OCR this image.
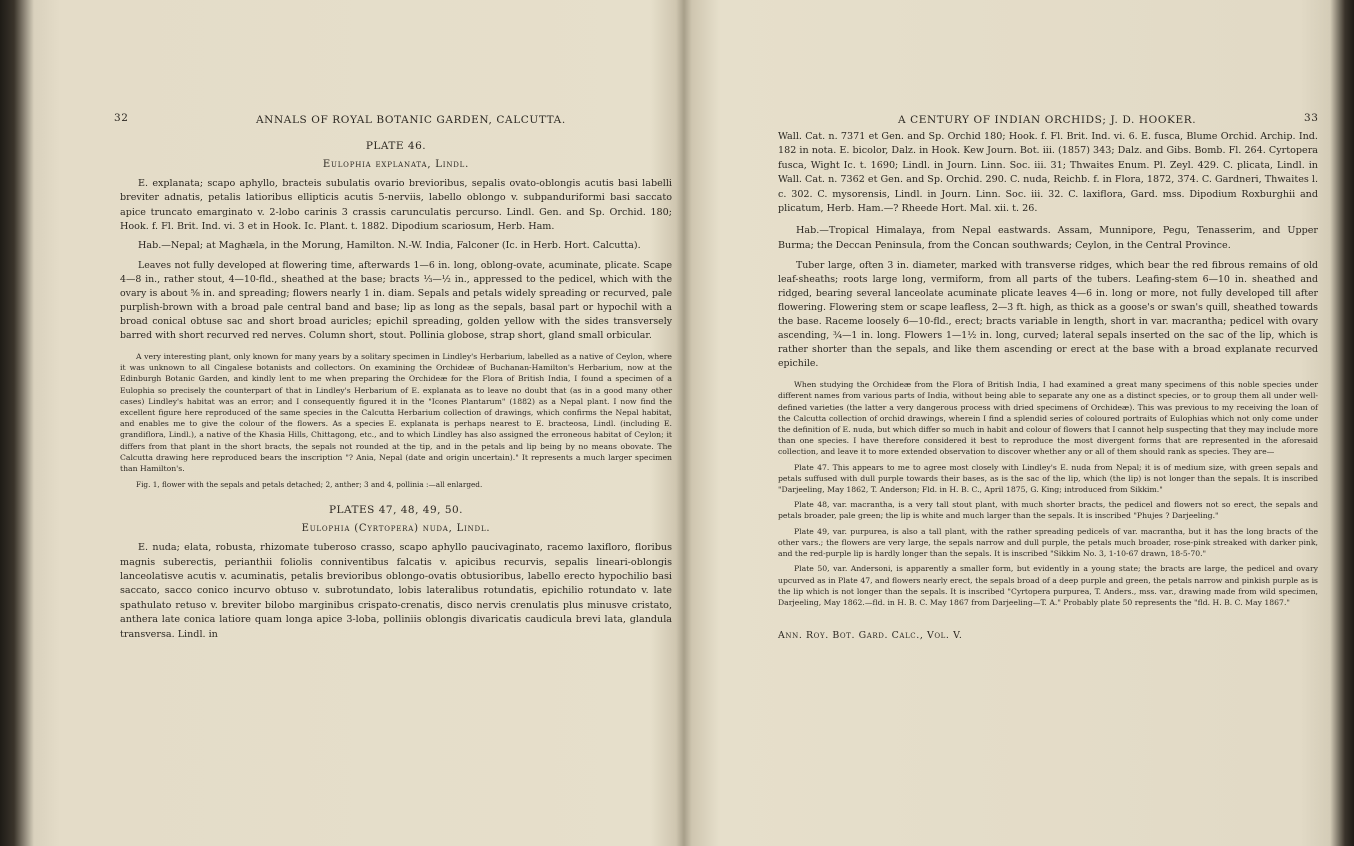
32	ANNALS OF ROYAL BOTANIC GARDEN, CALCUTTA.
PLATE 46.
Eulophia explanata, Lindl.

E. explanata; scapo aphyllo, bracteis subulatis ovario brevioribus, sepalis ovato-oblongis acutis basi labelli breviter adnatis, petalis latioribus ellipticis acutis 5-nerviis, labello oblongo v. subpanduriformi basi saccato apice truncato emarginato v. 2-lobo carinis 3 crassis carunculatis percurso. Lindl. Gen. and Sp. Orchid. 180; Hook. f. Fl. Brit. Ind. vi. 3 et in Hook. Ic. Plant. t. 1882. Dipodium scariosum, Herb. Ham.

Hab.—Nepal; at Maghæla, in the Morung, Hamilton. N.-W. India, Falconer (Ic. in Herb. Hort. Calcutta).

Leaves not fully developed at flowering time, afterwards 1—6 in. long, oblong-ovate, acuminate, plicate. Scape 4—8 in., rather stout, 4—10-fld., sheathed at the base; bracts ⅓—½ in., appressed to the pedicel, which with the ovary is about ⅝ in. and spreading; flowers nearly 1 in. diam. Sepals and petals widely spreading or recurved, pale purplish-brown with a broad pale central band and base; lip as long as the sepals, basal part or hypochil with a broad conical obtuse sac and short broad auricles; epichil spreading, golden yellow with the sides transversely barred with short recurved red nerves. Column short, stout. Pollinia globose, strap short, gland small orbicular.

A very interesting plant, only known for many years by a solitary specimen in Lindley's Herbarium, labelled as a native of Ceylon, where it was unknown to all Cingalese botanists and collectors. On examining the Orchideæ of Buchanan-Hamilton's Herbarium, now at the Edinburgh Botanic Garden, and kindly lent to me when preparing the Orchideæ for the Flora of British India, I found a specimen of a Eulophia so precisely the counterpart of that in Lindley's Herbarium of E. explanata as to leave no doubt that (as in a good many other cases) Lindley's habitat was an error; and I consequently figured it in the "Icones Plantarum" (1882) as a Nepal plant. I now find the excellent figure here reproduced of the same species in the Calcutta Herbarium collection of drawings, which confirms the Nepal habitat, and enables me to give the colour of the flowers. As a species E. explanata is perhaps nearest to E. bracteosa, Lindl. (including E. grandiflora, Lindl.), a native of the Khasia Hills, Chittagong, etc., and to which Lindley has also assigned the erroneous habitat of Ceylon; it differs from that plant in the short bracts, the sepals not rounded at the tip, and in the petals and lip being by no means obovate. The Calcutta drawing here reproduced bears the inscription "? Ania, Nepal (date and origin uncertain)." It represents a much larger specimen than Hamilton's.

Fig. 1, flower with the sepals and petals detached; 2, anther; 3 and 4, pollinia :—all enlarged.

PLATES 47, 48, 49, 50.
Eulophia (Cyrtopera) nuda, Lindl.

E. nuda; elata, robusta, rhizomate tuberoso crasso, scapo aphyllo paucivaginato, racemo laxifloro, floribus magnis suberectis, perianthii foliolis conniventibus falcatis v. apicibus recurvis, sepalis lineari-oblongis lanceolatisve acutis v. acuminatis, petalis brevioribus oblongo-ovatis obtusioribus, labello erecto hypochilio basi saccato, sacco conico incurvo obtuso v. subrotundato, lobis lateralibus rotundatis, epichilio rotundato v. late spathulato retuso v. breviter bilobo marginibus crispato-crenatis, disco nervis crenulatis plus minusve cristato, anthera late conica latiore quam longa apice 3-loba, polliniis oblongis divaricatis caudicula brevi lata, glandula transversa. Lindl. in

A CENTURY OF INDIAN ORCHIDS; J. D. HOOKER.	33

Wall. Cat. n. 7371 et Gen. and Sp. Orchid 180; Hook. f. Fl. Brit. Ind. vi. 6. E. fusca, Blume Orchid. Archip. Ind. 182 in nota. E. bicolor, Dalz. in Hook. Kew Journ. Bot. iii. (1857) 343; Dalz. and Gibs. Bomb. Fl. 264. Cyrtopera fusca, Wight Ic. t. 1690; Lindl. in Journ. Linn. Soc. iii. 31; Thwaites Enum. Pl. Zeyl. 429. C. plicata, Lindl. in Wall. Cat. n. 7362 et Gen. and Sp. Orchid. 290. C. nuda, Reichb. f. in Flora, 1872, 374. C. Gardneri, Thwaites l. c. 302. C. mysorensis, Lindl. in Journ. Linn. Soc. iii. 32. C. laxiflora, Gard. mss. Dipodium Roxburghii and plicatum, Herb. Ham.—? Rheede Hort. Mal. xii. t. 26.

Hab.—Tropical Himalaya, from Nepal eastwards. Assam, Munnipore, Pegu, Tenasserim, and Upper Burma; the Deccan Peninsula, from the Concan southwards; Ceylon, in the Central Province.

Tuber large, often 3 in. diameter, marked with transverse ridges, which bear the red fibrous remains of old leaf-sheaths; roots large long, vermiform, from all parts of the tubers. Leafing-stem 6—10 in. sheathed and ridged, bearing several lanceolate acuminate plicate leaves 4—6 in. long or more, not fully developed till after flowering. Flowering stem or scape leafless, 2—3 ft. high, as thick as a goose's or swan's quill, sheathed towards the base. Raceme loosely 6—10-fld., erect; bracts variable in length, short in var. macrantha; pedicel with ovary ascending, ¾—1 in. long. Flowers 1—1½ in. long, curved; lateral sepals inserted on the sac of the lip, which is rather shorter than the sepals, and like them ascending or erect at the base with a broad explanate recurved epichile.

When studying the Orchideæ from the Flora of British India, I had examined a great many specimens of this noble species under different names from various parts of India, without being able to separate any one as a distinct species, or to group them all under well-defined varieties (the latter a very dangerous process with dried specimens of Orchideæ). This was previous to my receiving the loan of the Calcutta collection of orchid drawings, wherein I find a splendid series of coloured portraits of Eulophias which not only come under the definition of E. nuda, but which differ so much in habit and colour of flowers that I cannot help suspecting that they may include more than one species. I have therefore considered it best to reproduce the most divergent forms that are represented in the aforesaid collection, and leave it to more extended observation to discover whether any or all of them should rank as species. They are—

Plate 47. This appears to me to agree most closely with Lindley's E. nuda from Nepal; it is of medium size, with green sepals and petals suffused with dull purple towards their bases, as is the sac of the lip, which (the lip) is not longer than the sepals. It is inscribed "Darjeeling, May 1862, T. Anderson; Fld. in H. B. C., April 1875, G. King; introduced from Sikkim."

Plate 48, var. macrantha, is a very tall stout plant, with much shorter bracts, the pedicel and flowers not so erect, the sepals and petals broader, pale green; the lip is white and much larger than the sepals. It is inscribed "Phujes ? Darjeeling."

Plate 49, var. purpurea, is also a tall plant, with the rather spreading pedicels of var. macrantha, but it has the long bracts of the other vars.; the flowers are very large, the sepals narrow and dull purple, the petals much broader, rose-pink streaked with darker pink, and the red-purple lip is hardly longer than the sepals. It is inscribed "Sikkim No. 3, 1-10-67 drawn, 18-5-70."

Plate 50, var. Andersoni, is apparently a smaller form, but evidently in a young state; the bracts are large, the pedicel and ovary upcurved as in Plate 47, and flowers nearly erect, the sepals broad of a deep purple and green, the petals narrow and pinkish purple as is the lip which is not longer than the sepals. It is inscribed "Cyrtopera purpurea, T. Anders., mss. var., drawing made from wild specimen, Darjeeling, May 1862.—fld. in H. B. C. May 1867 from Darjeeling—T. A." Probably plate 50 represents the "fld. H. B. C. May 1867."

Ann. Roy. Bot. Gard. Calc., Vol. V.
